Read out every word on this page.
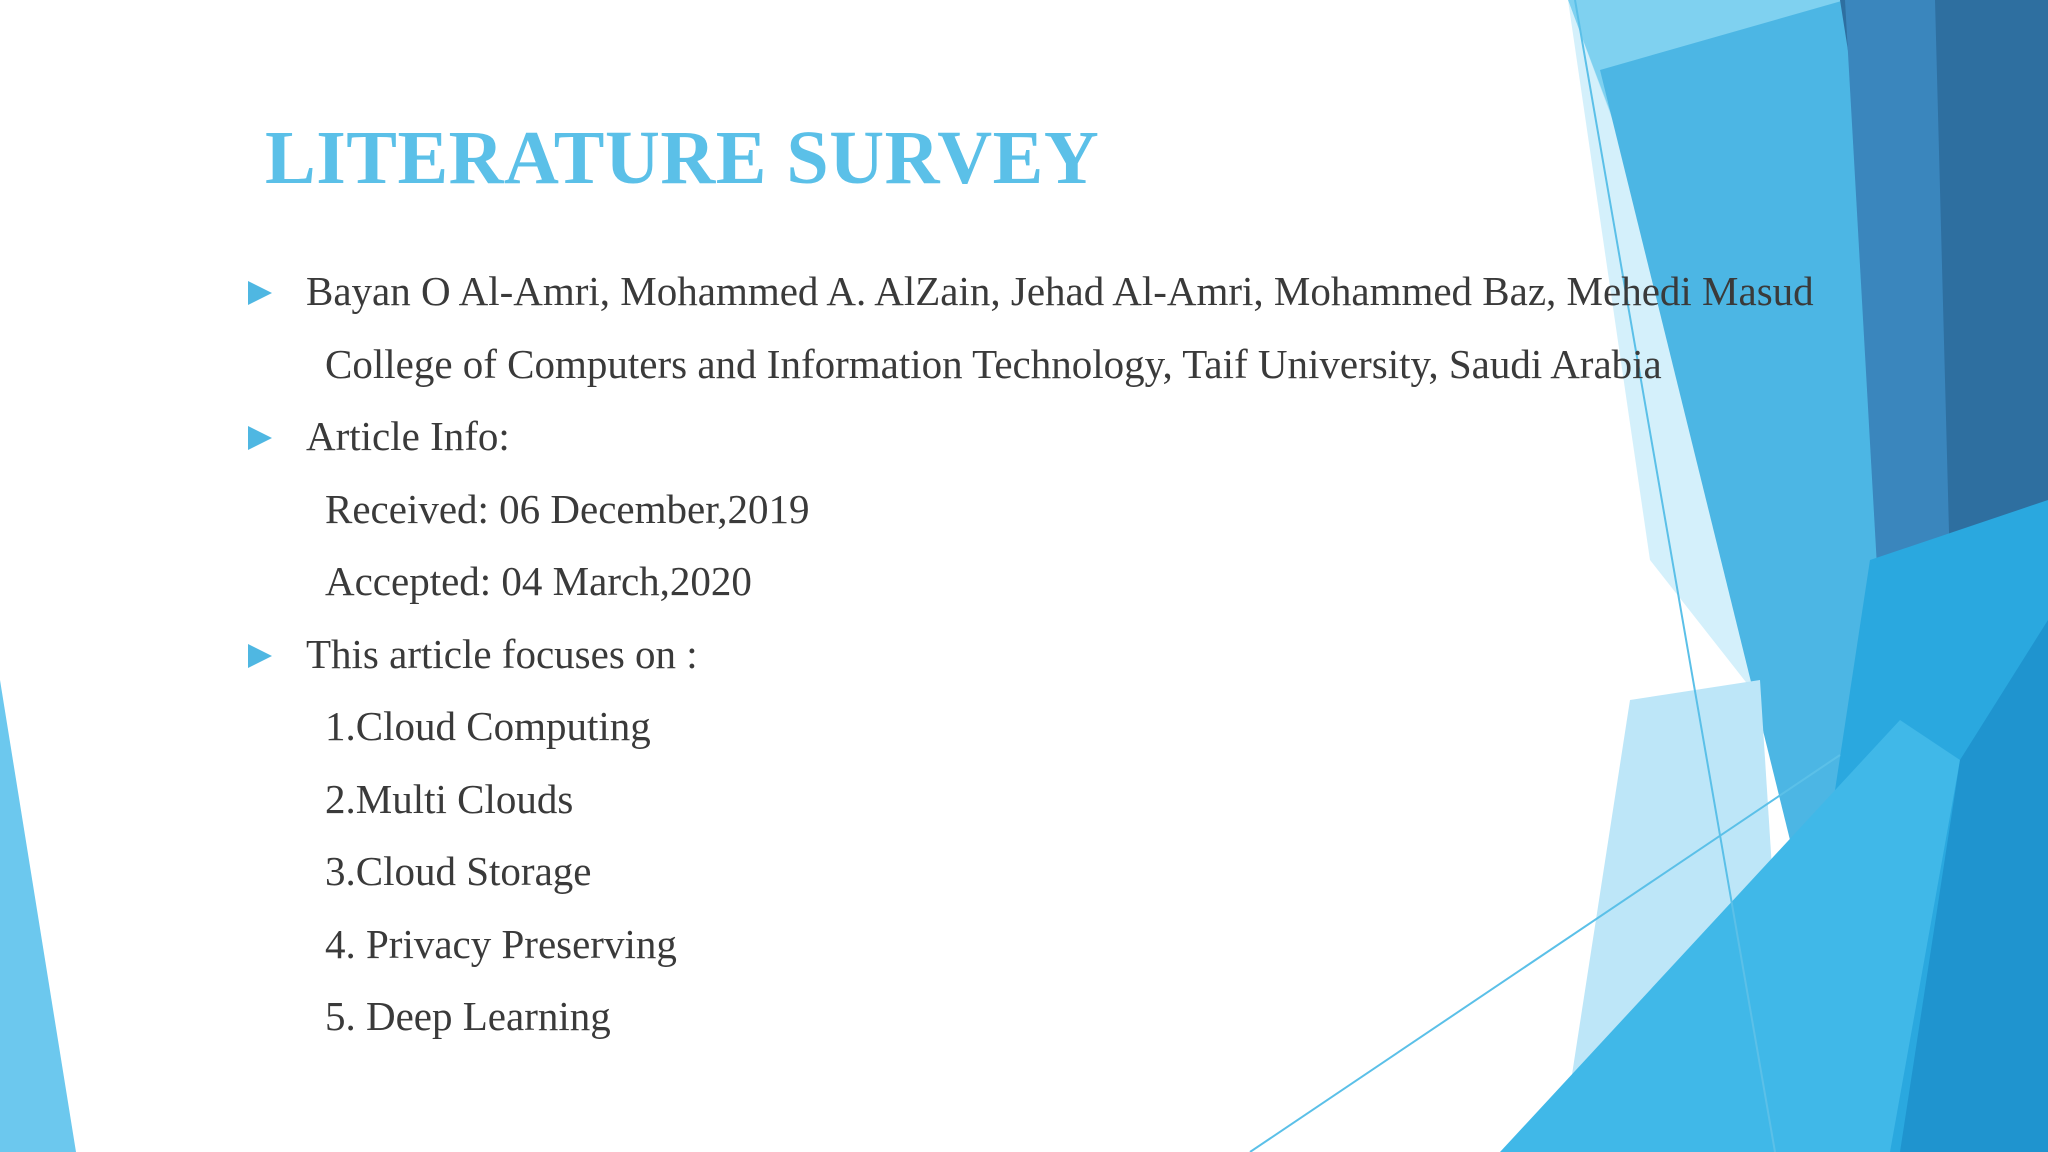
LITERATURE SURVEY
Bayan O Al-Amri, Mohammed A. AlZain, Jehad Al-Amri, Mohammed Baz, Mehedi Masud
College of Computers and Information Technology, Taif University, Saudi Arabia
Article Info:
Received: 06 December,2019
Accepted: 04 March,2020
This article focuses on :
1.Cloud Computing
2.Multi Clouds
3.Cloud Storage
4. Privacy Preserving
5. Deep Learning
